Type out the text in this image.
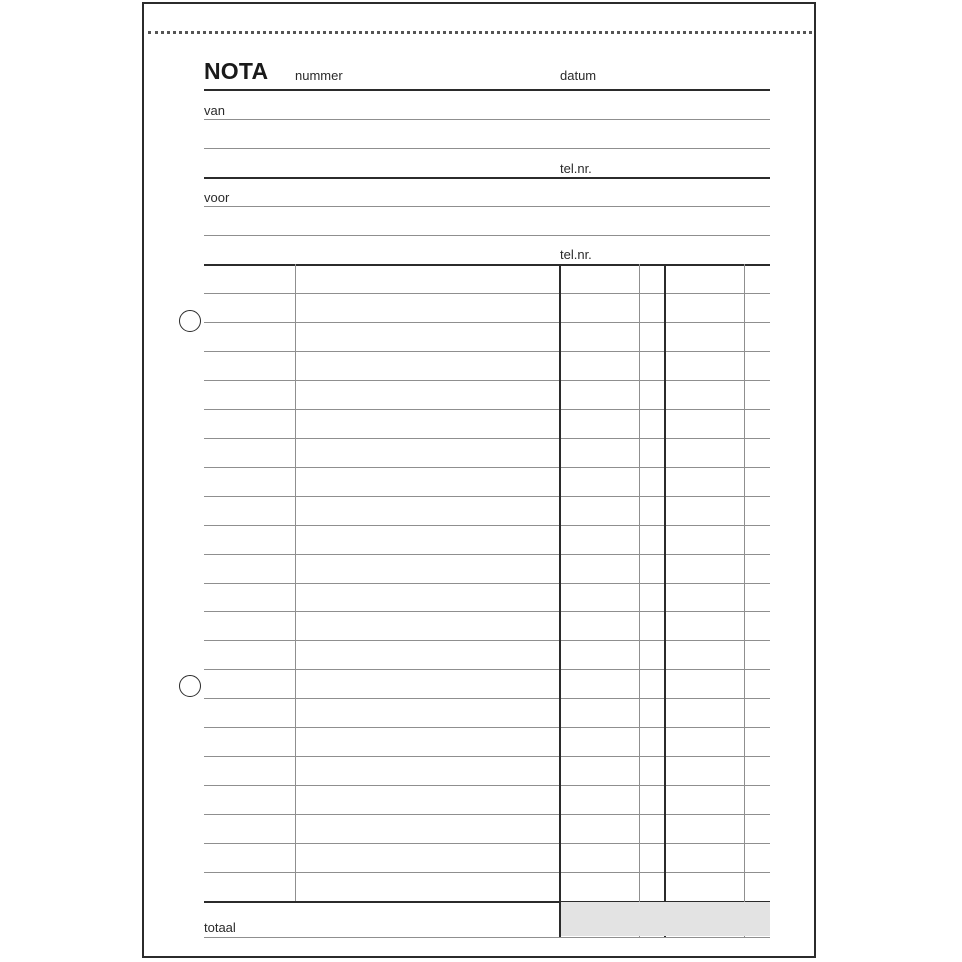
NOTA nummer	datum
van
tel.nr.
voor
tel.nr.
totaal
